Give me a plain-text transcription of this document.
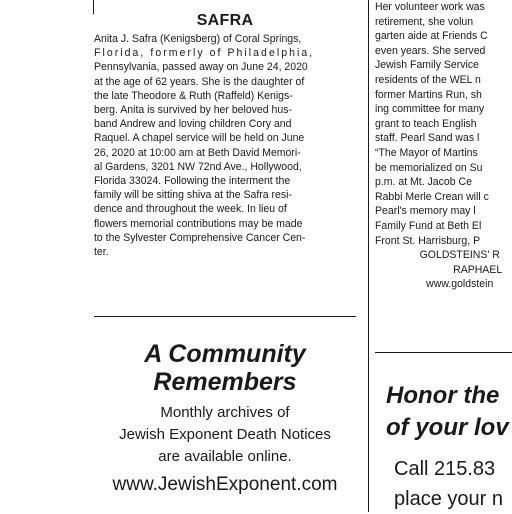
SAFRA
Anita J. Safra (Kenigsberg) of Coral Springs,
Florida, formerly of Philadelphia,
Pennsylvania, passed away on June 24, 2020
at the age of 62 years. She is the daughter of
the late Theodore & Ruth (Raffeld) Kenigs-
berg. Anita is survived by her beloved hus-
band Andrew and loving children Cory and
Raquel. A chapel service will be held on June
26, 2020 at 10:00 am at Beth David Memori-
al Gardens, 3201 NW 72nd Ave., Hollywood,
Florida 33024. Following the interment the
family will be sitting shiva at the Safra resi-
dence and throughout the week. In lieu of
flowers memorial contributions may be made
to the Sylvester Comprehensive Cancer Cen-
ter.
A Community
Remembers
Monthly archives of
Jewish Exponent Death Notices
are available online.
www.JewishExponent.com
Her volunteer work was
retirement, she volun
garten aide at Friends C
even years. She served
Jewish Family Service
residents of the WEL n
former Martins Run, sh
ing committee for many
grant to teach English
staff. Pearl Sand was l
“The Mayor of Martins
be memorialized on Su
p.m. at Mt. Jacob Ce
Rabbi Merle Crean will c
Pearl's memory may l
Family Fund at Beth El
Front St. Harrisburg, P
GOLDSTEINS' R
RAPHAEL
www.goldstein
Honor the
of your lov
Call 215.83
place your n
